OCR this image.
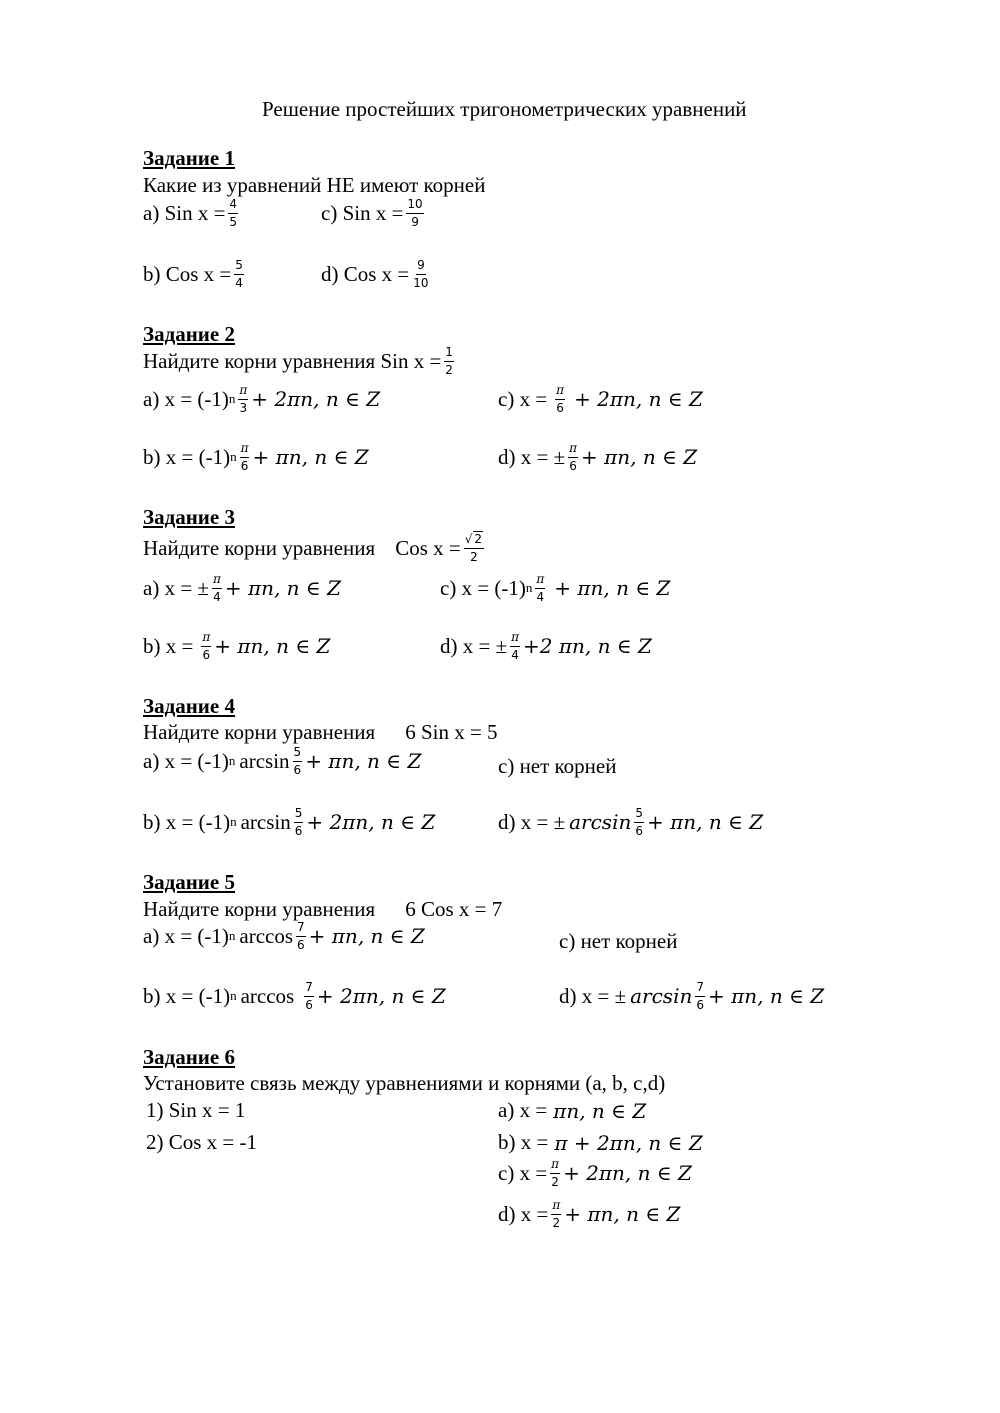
Решение простейших тригонометрических уравнений
Задание 1
Какие из уравнений НЕ имеют корней
a) Sin $x = \frac{4}{5}$	c) Sin $x = \frac{10}{9}$
b) Cos $x = \frac{5}{4}$	d) Cos $x = \frac{9}{10}$
Задание 2
Найдите корни уравнения Sin $x = \frac{1}{2}$
a) x = (-1) n $\frac{\pi}{3} + 2\pi n$, n ∈ Z	c) $x = \frac{\pi}{6} + 2\pi n$, n ∈ Z
b) x = (-1) n $\frac{\pi}{6} + \pi n$, n ∈ Z	d) x = ± $\frac{\pi}{6} + \pi n$, n ∈ Z
Задание 3
Найдите корни уравнения Cos $x = \frac{√ 2}{2}$
a) x = ± $\frac{\pi}{4} + \pi n$, n ∈ Z	c) x = (-1) n $\frac{\pi}{4} + \pi n$, n ∈ Z
b) $x = \frac{\pi}{6} + \pi n$, n ∈ Z	d) x = ± $\frac{\pi}{4} +2$ πn, n ∈ Z
Задание 4
Найдите корни уравнения 6 Sin x = 5
a) x = (-1) n $\arcsin \frac{5}{6} + \pi n$, n ∈ Z	c) нет корней
b) x = (-1) n $\arcsin \frac{5}{6} + 2\pi n$, n ∈ Z	d) x = ± $\arcsin \frac{5}{6} + \pi n$, n ∈ Z
Задание 5
Найдите корни уравнения 6 Cos x = 7
a) x = (-1) n $\arccos \frac{7}{6} + \pi n$, n ∈ Z	c) нет корней
b) x = (-1) n $\arccos \frac{7}{6} + 2\pi n$, n ∈ Z	d) x = ± $\arcsin \frac{7}{6} + \pi n$, n ∈ Z
Задание 6
Установите связь между уравнениями и корнями (a, b, c,d)
1) Sin x = 1
2) Cos x = -1
a) x = πn, n ∈ Z
b) x = π + 2πn, n ∈ Z
c) $x = \frac{\pi}{2} + 2\pi n$, n ∈ Z
d) $x = \frac{\pi}{2} + \pi n$, n ∈ Z
